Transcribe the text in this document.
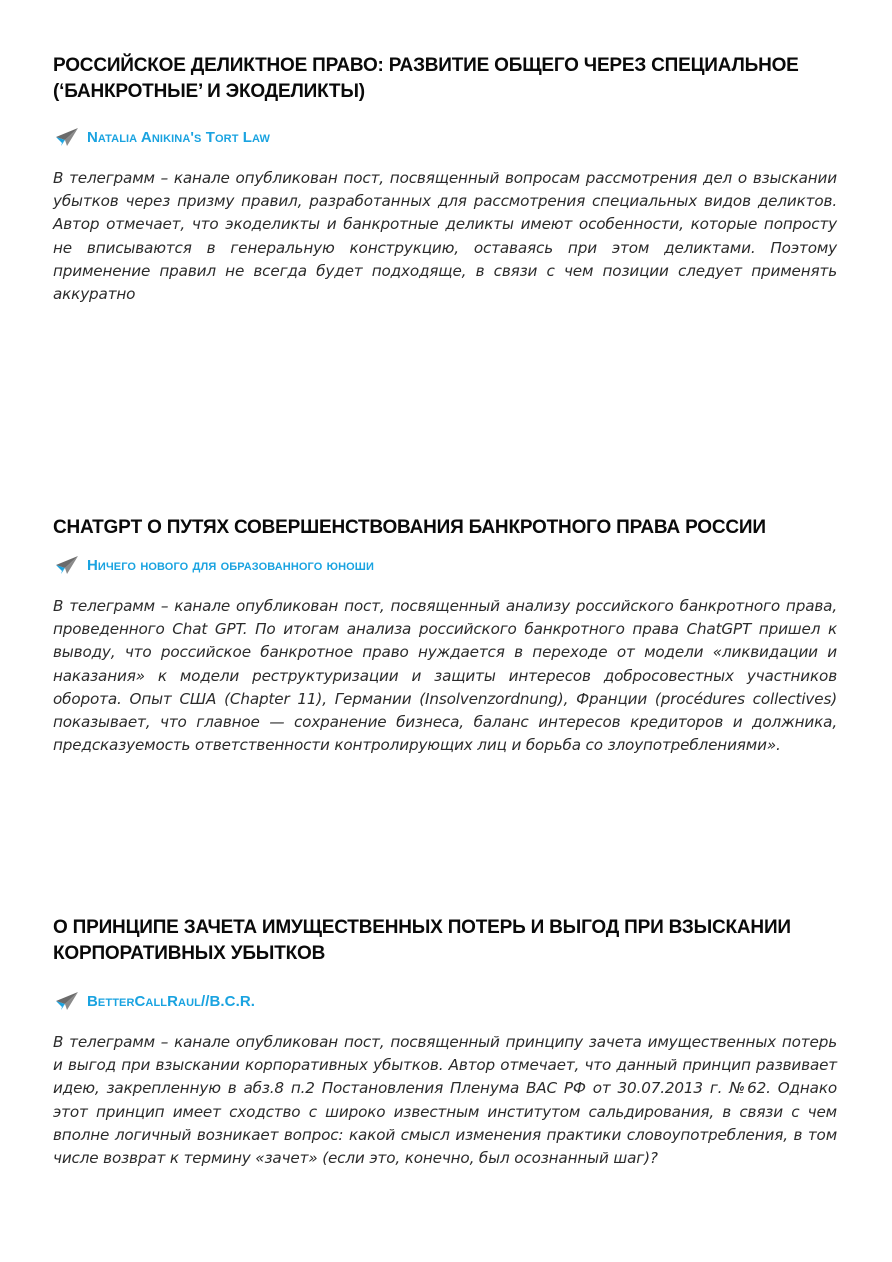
РОССИЙСКОЕ ДЕЛИКТНОЕ ПРАВО: РАЗВИТИЕ ОБЩЕГО ЧЕРЕЗ СПЕЦИАЛЬНОЕ (‘БАНКРОТНЫЕ’ И ЭКОДЕЛИКТЫ)
Natalia Anikina's Tort Law

В телеграмм – канале опубликован пост, посвященный вопросам рассмотрения дел о взыскании убытков через призму правил, разработанных для рассмотрения специальных видов деликтов. Автор отмечает, что экоделикты и банкротные деликты имеют особенности, которые попросту не вписываются в генеральную конструкцию, оставаясь при этом деликтами. Поэтому применение правил не всегда будет подходяще, в связи с чем позиции следует применять аккуратно

CHATGPT О ПУТЯХ СОВЕРШЕНСТВОВАНИЯ БАНКРОТНОГО ПРАВА РОССИИ
Ничего нового для образованного юноши

В телеграмм – канале опубликован пост, посвященный анализу российского банкротного права, проведенного Chat GPT. По итогам анализа российского банкротного права ChatGPT пришел к выводу, что российское банкротное право нуждается в переходе от модели «ликвидации и наказания» к модели реструктуризации и защиты интересов добросовестных участников оборота. Опыт США (Chapter 11), Германии (Insolvenzordnung), Франции (procédures collectives) показывает, что главное — сохранение бизнеса, баланс интересов кредиторов и должника, предсказуемость ответственности контролирующих лиц и борьба со злоупотреблениями».

О ПРИНЦИПЕ ЗАЧЕТА ИМУЩЕСТВЕННЫХ ПОТЕРЬ И ВЫГОД ПРИ ВЗЫСКАНИИ КОРПОРАТИВНЫХ УБЫТКОВ
BetterCallRaul//B.C.R.

В телеграмм – канале опубликован пост, посвященный принципу зачета имущественных потерь и выгод при взыскании корпоративных убытков. Автор отмечает, что данный принцип развивает идею, закрепленную в абз.8 п.2 Постановления Пленума ВАС РФ от 30.07.2013 г. №62. Однако этот принцип имеет сходство с широко известным институтом сальдирования, в связи с чем вполне логичный возникает вопрос: какой смысл изменения практики словоупотребления, в том числе возврат к термину «зачет» (если это, конечно, был осознанный шаг)?
